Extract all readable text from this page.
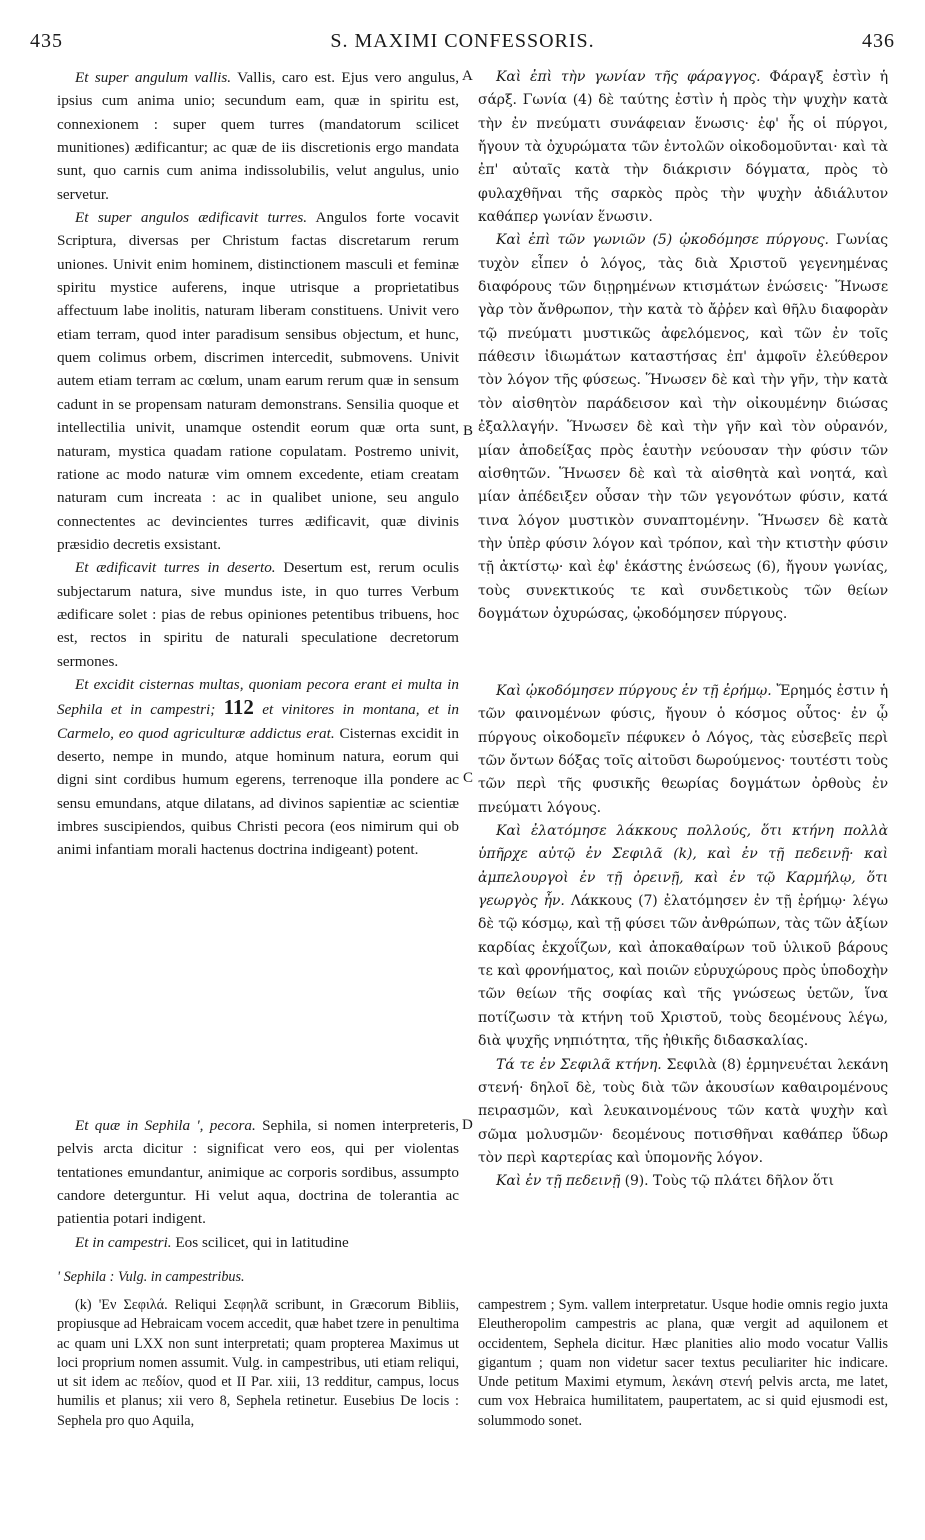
435	S. MAXIMI CONFESSORIS.	436
A
B
C
D

Et super angulum vallis. Vallis, caro est. Ejus vero angulus, ipsius cum anima unio; secundum eam, quæ in spiritu est, connexionem : super quem turres (mandatorum scilicet munitiones) ædificantur; ac quæ de iis discretionis ergo mandata sunt, quo carnis cum anima indissolubilis, velut angulus, unio servetur.

Et super angulos ædificavit turres. Angulos forte vocavit Scriptura, diversas per Christum factas discretarum rerum uniones. Univit enim hominem, distinctionem masculi et feminæ spiritu mystice auferens, inque utrisque a proprietatibus affectuum labe inolitis, naturam liberam constituens. Univit vero etiam terram, quod inter paradisum sensibus objectum, et hunc, quem colimus orbem, discrimen intercedit, submovens. Univit autem etiam terram ac cœlum, unam earum rerum quæ in sensum cadunt in se propensam naturam demonstrans. Sensilia quoque et intellectilia univit, unamque ostendit eorum quæ orta sunt, naturam, mystica quadam ratione copulatam. Postremo univit, ratione ac modo naturæ vim omnem excedente, etiam creatam naturam cum increata : ac in qualibet unione, seu angulo connectentes ac devincientes turres ædificavit, quæ divinis præsidio decretis exsistant.

Et ædificavit turres in deserto. Desertum est, rerum oculis subjectarum natura, sive mundus iste, in quo turres Verbum ædificare solet : pias de rebus opiniones petentibus tribuens, hoc est, rectos in spiritu de naturali speculatione decretorum sermones.

Et excidit cisternas multas, quoniam pecora erant ei multa in Sephila et in campestri; 112 et vinitores in montana, et in Carmelo, eo quod agriculturæ addictus erat. Cisternas excidit in deserto, nempe in mundo, atque hominum natura, eorum qui digni sint cordibus humum egerens, terrenoque illa pondere ac sensu emundans, atque dilatans, ad divinos sapientiæ ac scientiæ imbres suscipiendos, quibus Christi pecora (eos nimirum qui ob animi infantiam morali hactenus doctrina indigeant) potent.

Et quæ in Sephila ', pecora. Sephila, si nomen interpreteris, pelvis arcta dicitur : significat vero eos, qui per violentas tentationes emundantur, animique ac corporis sordibus, assumpto candore deterguntur. Hi velut aqua, doctrina de tolerantia ac patientia potari indigent.

Et in campestri. Eos scilicet, qui in latitudine

Καὶ ἐπὶ τὴν γωνίαν τῆς φάραγγος. Φάραγξ ἐστὶν ἡ σάρξ. Γωνία (4) δὲ ταύτης ἐστὶν ἡ πρὸς τὴν ψυχὴν κατὰ τὴν ἐν πνεύματι συνάφειαν ἕνωσις· ἐφ' ἧς οἱ πύργοι, ἤγουν τὰ ὀχυρώματα τῶν ἐντολῶν οἰκοδομοῦνται· καὶ τὰ ἐπ' αὐταῖς κατὰ τὴν διάκρισιν δόγματα, πρὸς τὸ φυλαχθῆναι τῆς σαρκὸς πρὸς τὴν ψυχὴν ἀδιάλυτον καθάπερ γωνίαν ἕνωσιν.

Καὶ ἐπὶ τῶν γωνιῶν (5) ᾠκοδόμησε πύργους. Γωνίας τυχὸν εἶπεν ὁ λόγος, τὰς διὰ Χριστοῦ γεγενημένας διαφόρους τῶν διῃρημένων κτισμάτων ἑνώσεις· Ἥνωσε γὰρ τὸν ἄνθρωπον, τὴν κατὰ τὸ ἄῤῥεν καὶ θῆλυ διαφορὰν τῷ πνεύματι μυστικῶς ἀφελόμενος, καὶ τῶν ἐν τοῖς πάθεσιν ἰδιωμάτων καταστήσας ἐπ' ἀμφοῖν ἐλεύθερον τὸν λόγον τῆς φύσεως. Ἥνωσεν δὲ καὶ τὴν γῆν, τὴν κατὰ τὸν αἰσθητὸν παράδεισον καὶ τὴν οἰκουμένην διώσας ἐξαλλαγήν. Ἥνωσεν δὲ καὶ τὴν γῆν καὶ τὸν οὐρανόν, μίαν ἀποδείξας πρὸς ἑαυτὴν νεύουσαν τὴν φύσιν τῶν αἰσθητῶν. Ἥνωσεν δὲ καὶ τὰ αἰσθητὰ καὶ νοητά, καὶ μίαν ἀπέδειξεν οὖσαν τὴν τῶν γεγονότων φύσιν, κατά τινα λόγον μυστικὸν συναπτομένην. Ἥνωσεν δὲ κατὰ τὴν ὑπὲρ φύσιν λόγον καὶ τρόπον, καὶ τὴν κτιστὴν φύσιν τῇ ἀκτίστῳ· καὶ ἐφ' ἑκάστης ἑνώσεως (6), ἤγουν γωνίας, τοὺς συνεκτικούς τε καὶ συνδετικοὺς τῶν θείων δογμάτων ὀχυρώσας, ᾠκοδόμησεν πύργους.

Καὶ ᾠκοδόμησεν πύργους ἐν τῇ ἐρήμῳ. Ἔρημός ἐστιν ἡ τῶν φαινομένων φύσις, ἤγουν ὁ κόσμος οὗτος· ἐν ᾧ πύργους οἰκοδομεῖν πέφυκεν ὁ Λόγος, τὰς εὐσεβεῖς περὶ τῶν ὄντων δόξας τοῖς αἰτοῦσι δωρούμενος· τουτέστι τοὺς τῶν περὶ τῆς φυσικῆς θεωρίας δογμάτων ὀρθοὺς ἐν πνεύματι λόγους.

Καὶ ἐλατόμησε λάκκους πολλούς, ὅτι κτήνη πολλὰ ὑπῆρχε αὐτῷ ἐν Σεφιλᾶ (k), καὶ ἐν τῇ πεδεινῇ· καὶ ἀμπελουργοὶ ἐν τῇ ὀρεινῇ, καὶ ἐν τῷ Καρμήλῳ, ὅτι γεωργὸς ἦν. Λάκκους (7) ἐλατόμησεν ἐν τῇ ἐρήμῳ· λέγω δὲ τῷ κόσμῳ, καὶ τῇ φύσει τῶν ἀνθρώπων, τὰς τῶν ἀξίων καρδίας ἐκχοΐζων, καὶ ἀποκαθαίρων τοῦ ὑλικοῦ βάρους τε καὶ φρονήματος, καὶ ποιῶν εὐρυχώρους πρὸς ὑποδοχὴν τῶν θείων τῆς σοφίας καὶ τῆς γνώσεως ὑετῶν, ἵνα ποτίζωσιν τὰ κτήνη τοῦ Χριστοῦ, τοὺς δεομένους λέγω, διὰ ψυχῆς νηπιότητα, τῆς ἠθικῆς διδασκαλίας.

Τά τε ἐν Σεφιλᾶ κτήνη. Σεφιλὰ (8) ἑρμηνευέται λεκάνη στενή· δηλοῖ δὲ, τοὺς διὰ τῶν ἀκουσίων καθαιρομένους πειρασμῶν, καὶ λευκαινομένους τῶν κατὰ ψυχὴν καὶ σῶμα μολυσμῶν· δεομένους ποτισθῆναι καθάπερ ὕδωρ τὸν περὶ καρτερίας καὶ ὑπομονῆς λόγον.

Καὶ ἐν τῇ πεδεινῇ (9). Τοὺς τῷ πλάτει δῆλον ὅτι

' Sephila : Vulg. in campestribus.

(k) 'Εν Σεφιλά. Reliqui Σεφηλᾶ scribunt, in Græcorum Bibliis, propiusque ad Hebraicam vocem accedit, quæ habet tzere in penultima ac quam uni LXX non sunt interpretati; quam propterea Maximus ut loci proprium nomen assumit. Vulg. in campestribus, uti etiam reliqui, ut sit idem ac πεδίον, quod et II Par. xiii, 13 redditur, campus, locus humilis et planus; xii vero 8, Sephela retinetur. Eusebius De locis : Sephela pro quo Aquila,

campestrem ; Sym. vallem interpretatur. Usque hodie omnis regio juxta Eleutheropolim campestris ac plana, quæ vergit ad aquilonem et occidentem, Sephela dicitur. Hæc planities alio modo vocatur Vallis gigantum ; quam non videtur sacer textus peculiariter hic indicare. Unde petitum Maximi etymum, λεκάνη στενή pelvis arcta, me latet, cum vox Hebraica humilitatem, paupertatem, ac si quid ejusmodi est, solummodo sonet.
